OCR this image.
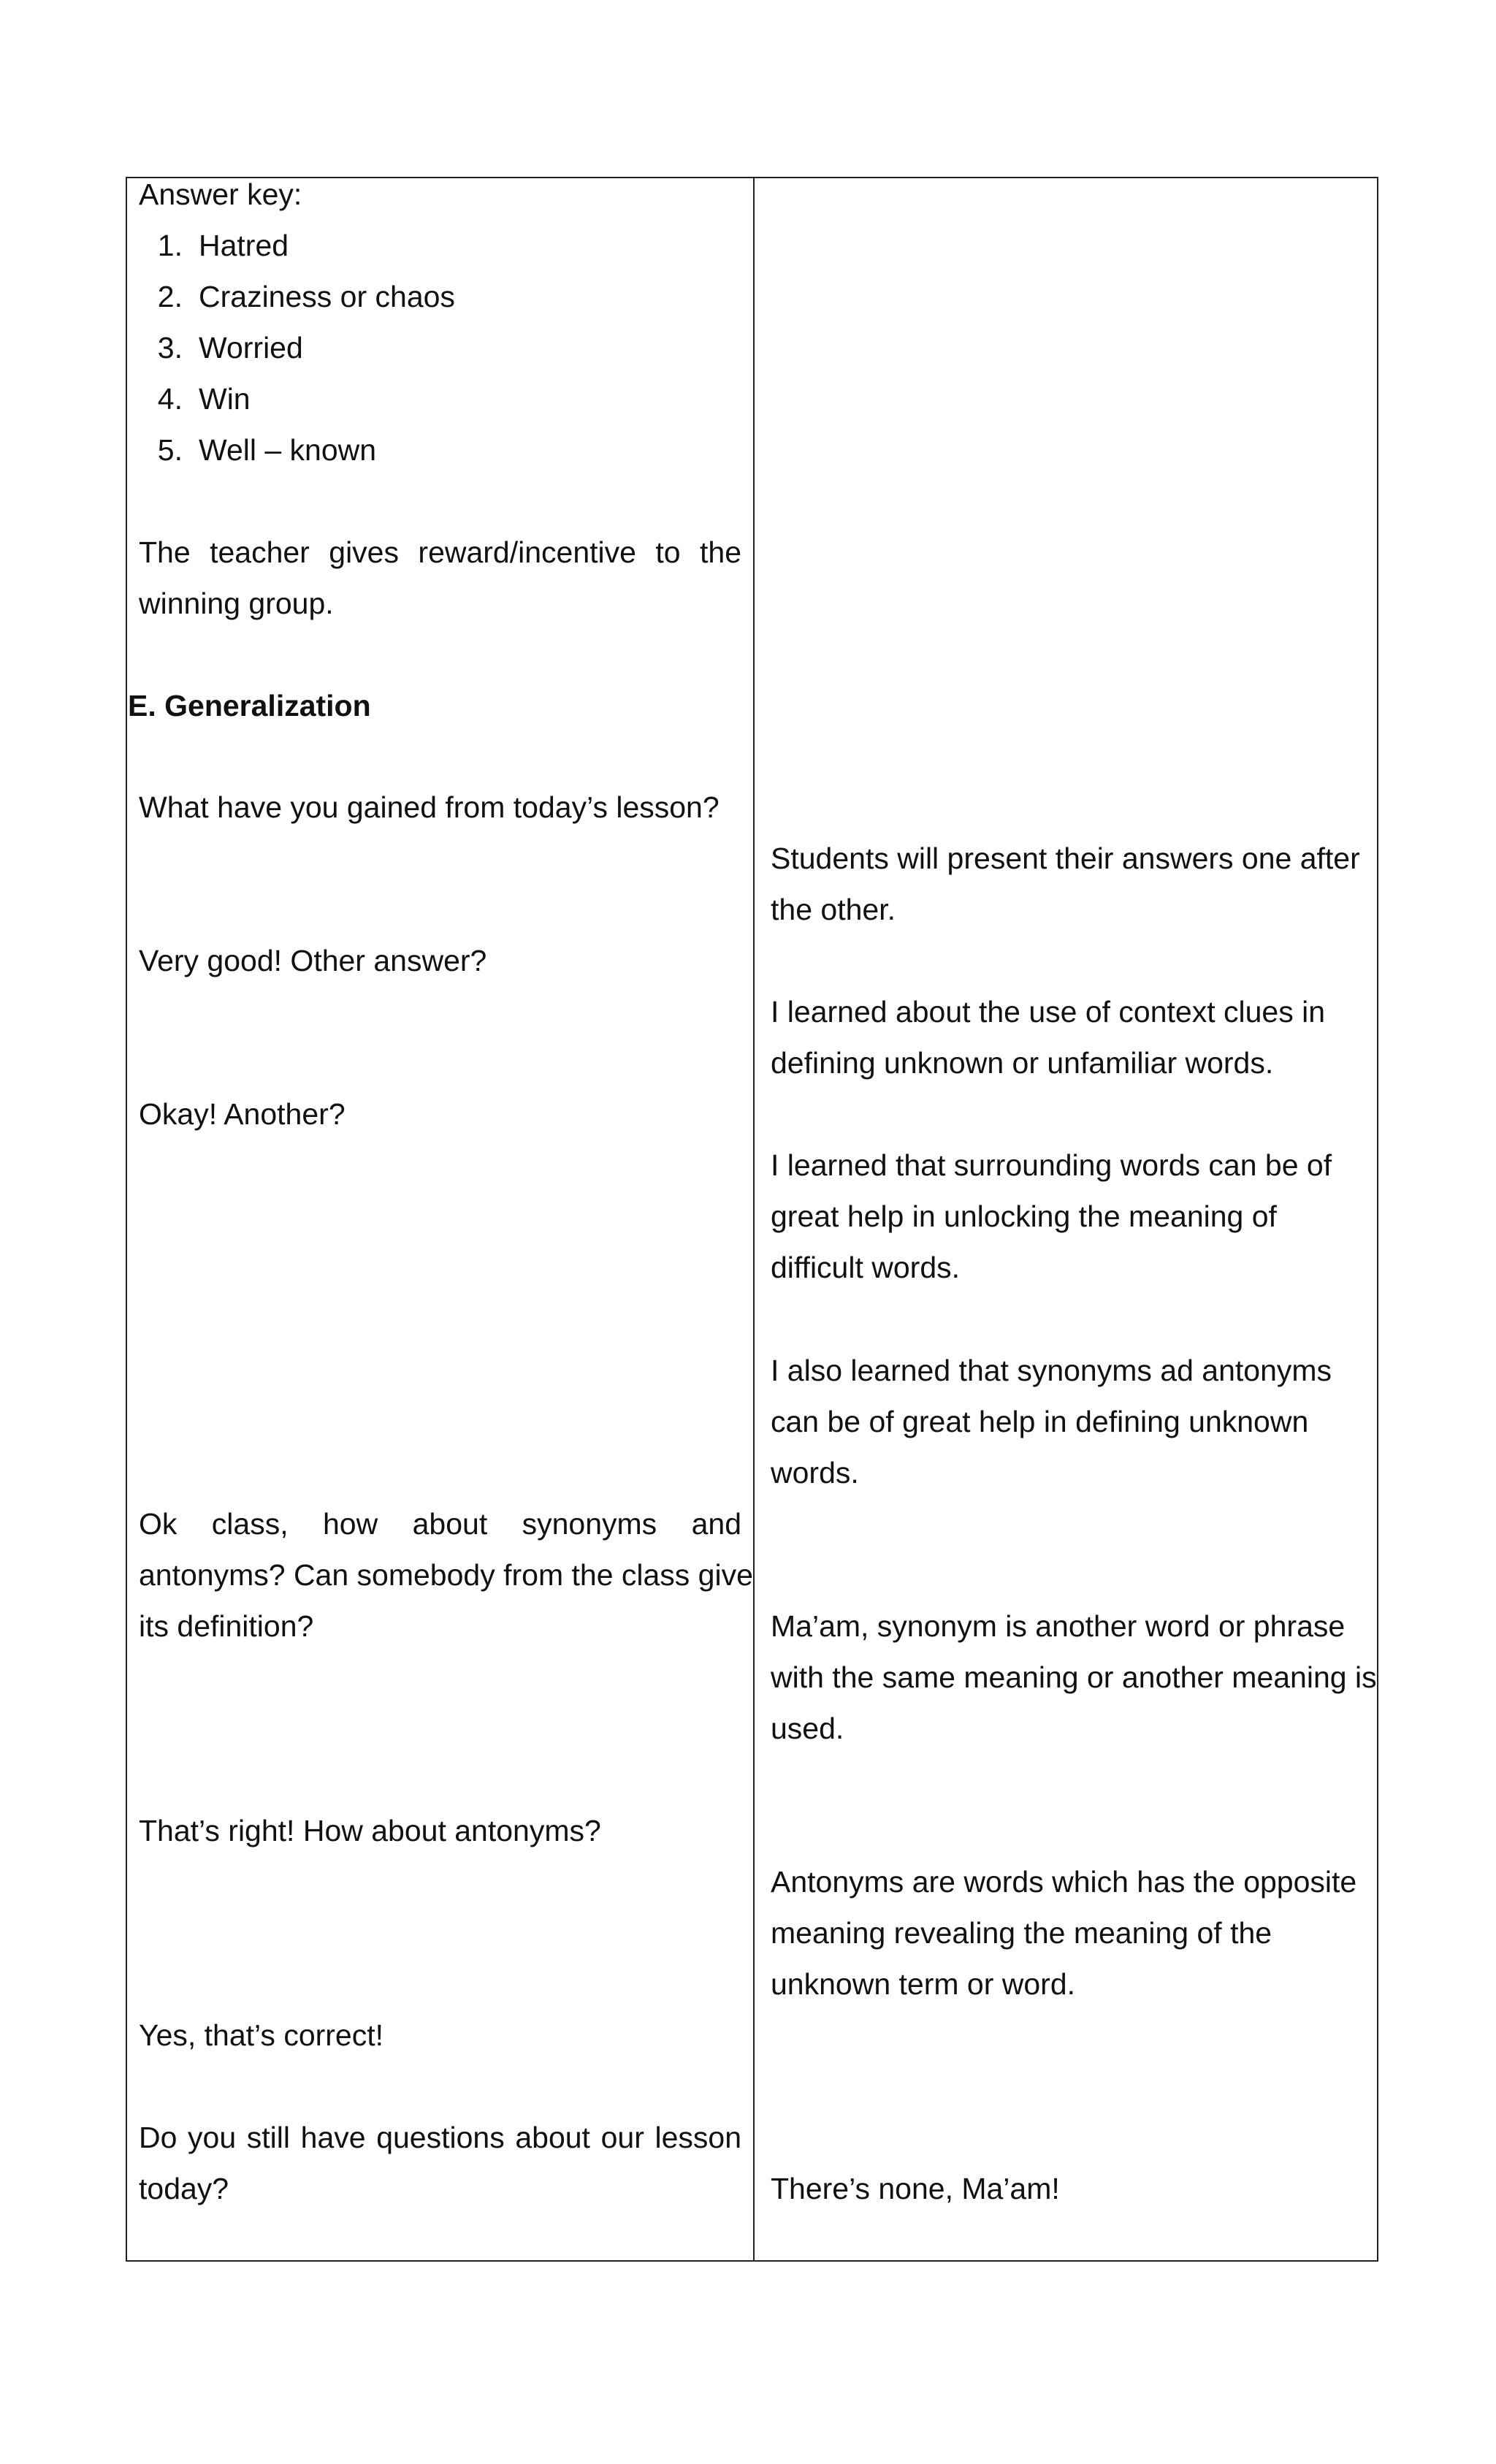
Answer key:
1. Hatred
2. Craziness or chaos
3. Worried
4. Win
5. Well – known
The teacher gives reward/incentive to the
winning group.
E. Generalization
What have you gained from today’s lesson?
Very good! Other answer?
Okay! Another?
Ok class, how about synonyms and
antonyms? Can somebody from the class give
its definition?
That’s right! How about antonyms?
Yes, that’s correct!
Do you still have questions about our lesson
today?
Students will present their answers one after
the other.
I learned about the use of context clues in
defining unknown or unfamiliar words.
I learned that surrounding words can be of
great help in unlocking the meaning of
difficult words.
I also learned that synonyms ad antonyms
can be of great help in defining unknown
words.
Ma’am, synonym is another word or phrase
with the same meaning or another meaning is
used.
Antonyms are words which has the opposite
meaning revealing the meaning of the
unknown term or word.
There’s none, Ma’am!
